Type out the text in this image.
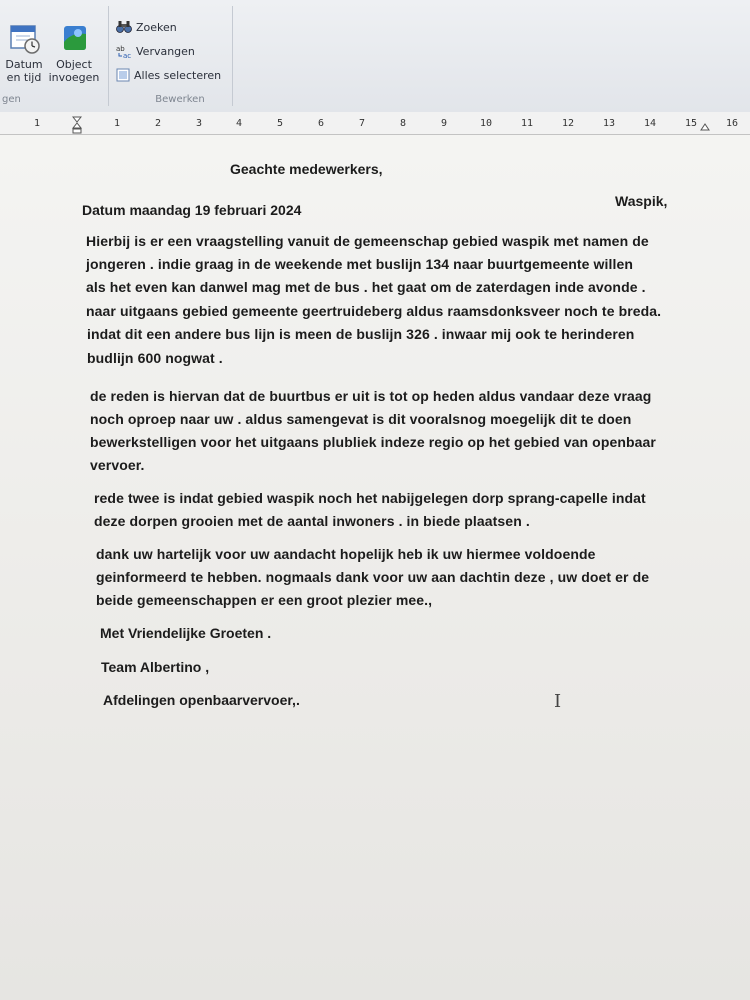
Datum
en tijd
Object
invoegen
gen
Zoeken
ab
ac Vervangen
Alles selecteren
Bewerken
1	1	2	3	4	5	6	7	8	9	10	11	12	13	14	15	16
Geachte medewerkers,
Datum maandag 19 februari 2024
Waspik,
Hierbij is er een vraagstelling vanuit de gemeenschap gebied waspik met namen de
jongeren . indie graag in de weekende met buslijn 134 naar buurtgemeente willen
als het even kan danwel mag met de bus . het gaat om de zaterdagen inde avonde .
naar uitgaans gebied gemeente geertruideberg aldus raamsdonksveer noch te breda.
indat dit een andere bus lijn is meen de buslijn 326 . inwaar mij ook te herinderen
budlijn 600 nogwat .
de reden is hiervan dat de buurtbus er uit is tot op heden aldus vandaar deze vraag
noch oproep naar uw . aldus samengevat is dit vooralsnog moegelijk dit te doen
bewerkstelligen voor het uitgaans plubliek indeze regio op het gebied van openbaar
vervoer.
rede twee is indat gebied waspik noch het nabijgelegen dorp sprang-capelle indat
deze dorpen grooien met de aantal inwoners . in biede plaatsen .
dank uw hartelijk voor uw aandacht hopelijk heb ik uw hiermee voldoende
geinformeerd te hebben. nogmaals dank voor uw aan dachtin deze , uw doet er de
beide gemeenschappen er een groot plezier mee.,
Met Vriendelijke Groeten .
Team Albertino ,
Afdelingen openbaarvervoer,.	I
